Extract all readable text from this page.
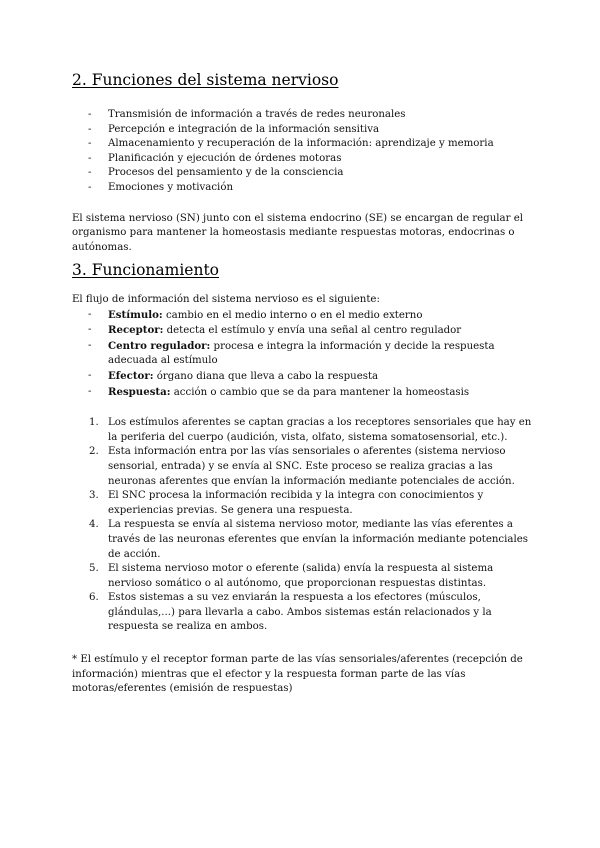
2. Funciones del sistema nervioso
- Transmisión de información a través de redes neuronales
- Percepción e integración de la información sensitiva
- Almacenamiento y recuperación de la información: aprendizaje y memoria
- Planificación y ejecución de órdenes motoras
- Procesos del pensamiento y de la consciencia
- Emociones y motivación

El sistema nervioso (SN) junto con el sistema endocrino (SE) se encargan de regular el organismo para mantener la homeostasis mediante respuestas motoras, endocrinas o autónomas.

3. Funcionamiento

El flujo de información del sistema nervioso es el siguiente:

- Estímulo: cambio en el medio interno o en el medio externo
- Receptor: detecta el estímulo y envía una señal al centro regulador
- Centro regulador: procesa e integra la información y decide la respuesta adecuada al estímulo
- Efector: órgano diana que lleva a cabo la respuesta
- Respuesta: acción o cambio que se da para mantener la homeostasis
1. Los estímulos aferentes se captan gracias a los receptores sensoriales que hay en la periferia del cuerpo (audición, vista, olfato, sistema somatosensorial, etc.).
2. Esta información entra por las vías sensoriales o aferentes (sistema nervioso sensorial, entrada) y se envía al SNC. Este proceso se realiza gracias a las neuronas aferentes que envían la información mediante potenciales de acción.
3. El SNC procesa la información recibida y la integra con conocimientos y experiencias previas. Se genera una respuesta.
4. La respuesta se envía al sistema nervioso motor, mediante las vías eferentes a través de las neuronas eferentes que envían la información mediante potenciales de acción.
5. El sistema nervioso motor o eferente (salida) envía la respuesta al sistema nervioso somático o al autónomo, que proporcionan respuestas distintas.
6. Estos sistemas a su vez enviarán la respuesta a los efectores (músculos, glándulas,...) para llevarla a cabo. Ambos sistemas están relacionados y la respuesta se realiza en ambos.

* El estímulo y el receptor forman parte de las vías sensoriales/aferentes (recepción de información) mientras que el efector y la respuesta forman parte de las vías motoras/eferentes (emisión de respuestas)
